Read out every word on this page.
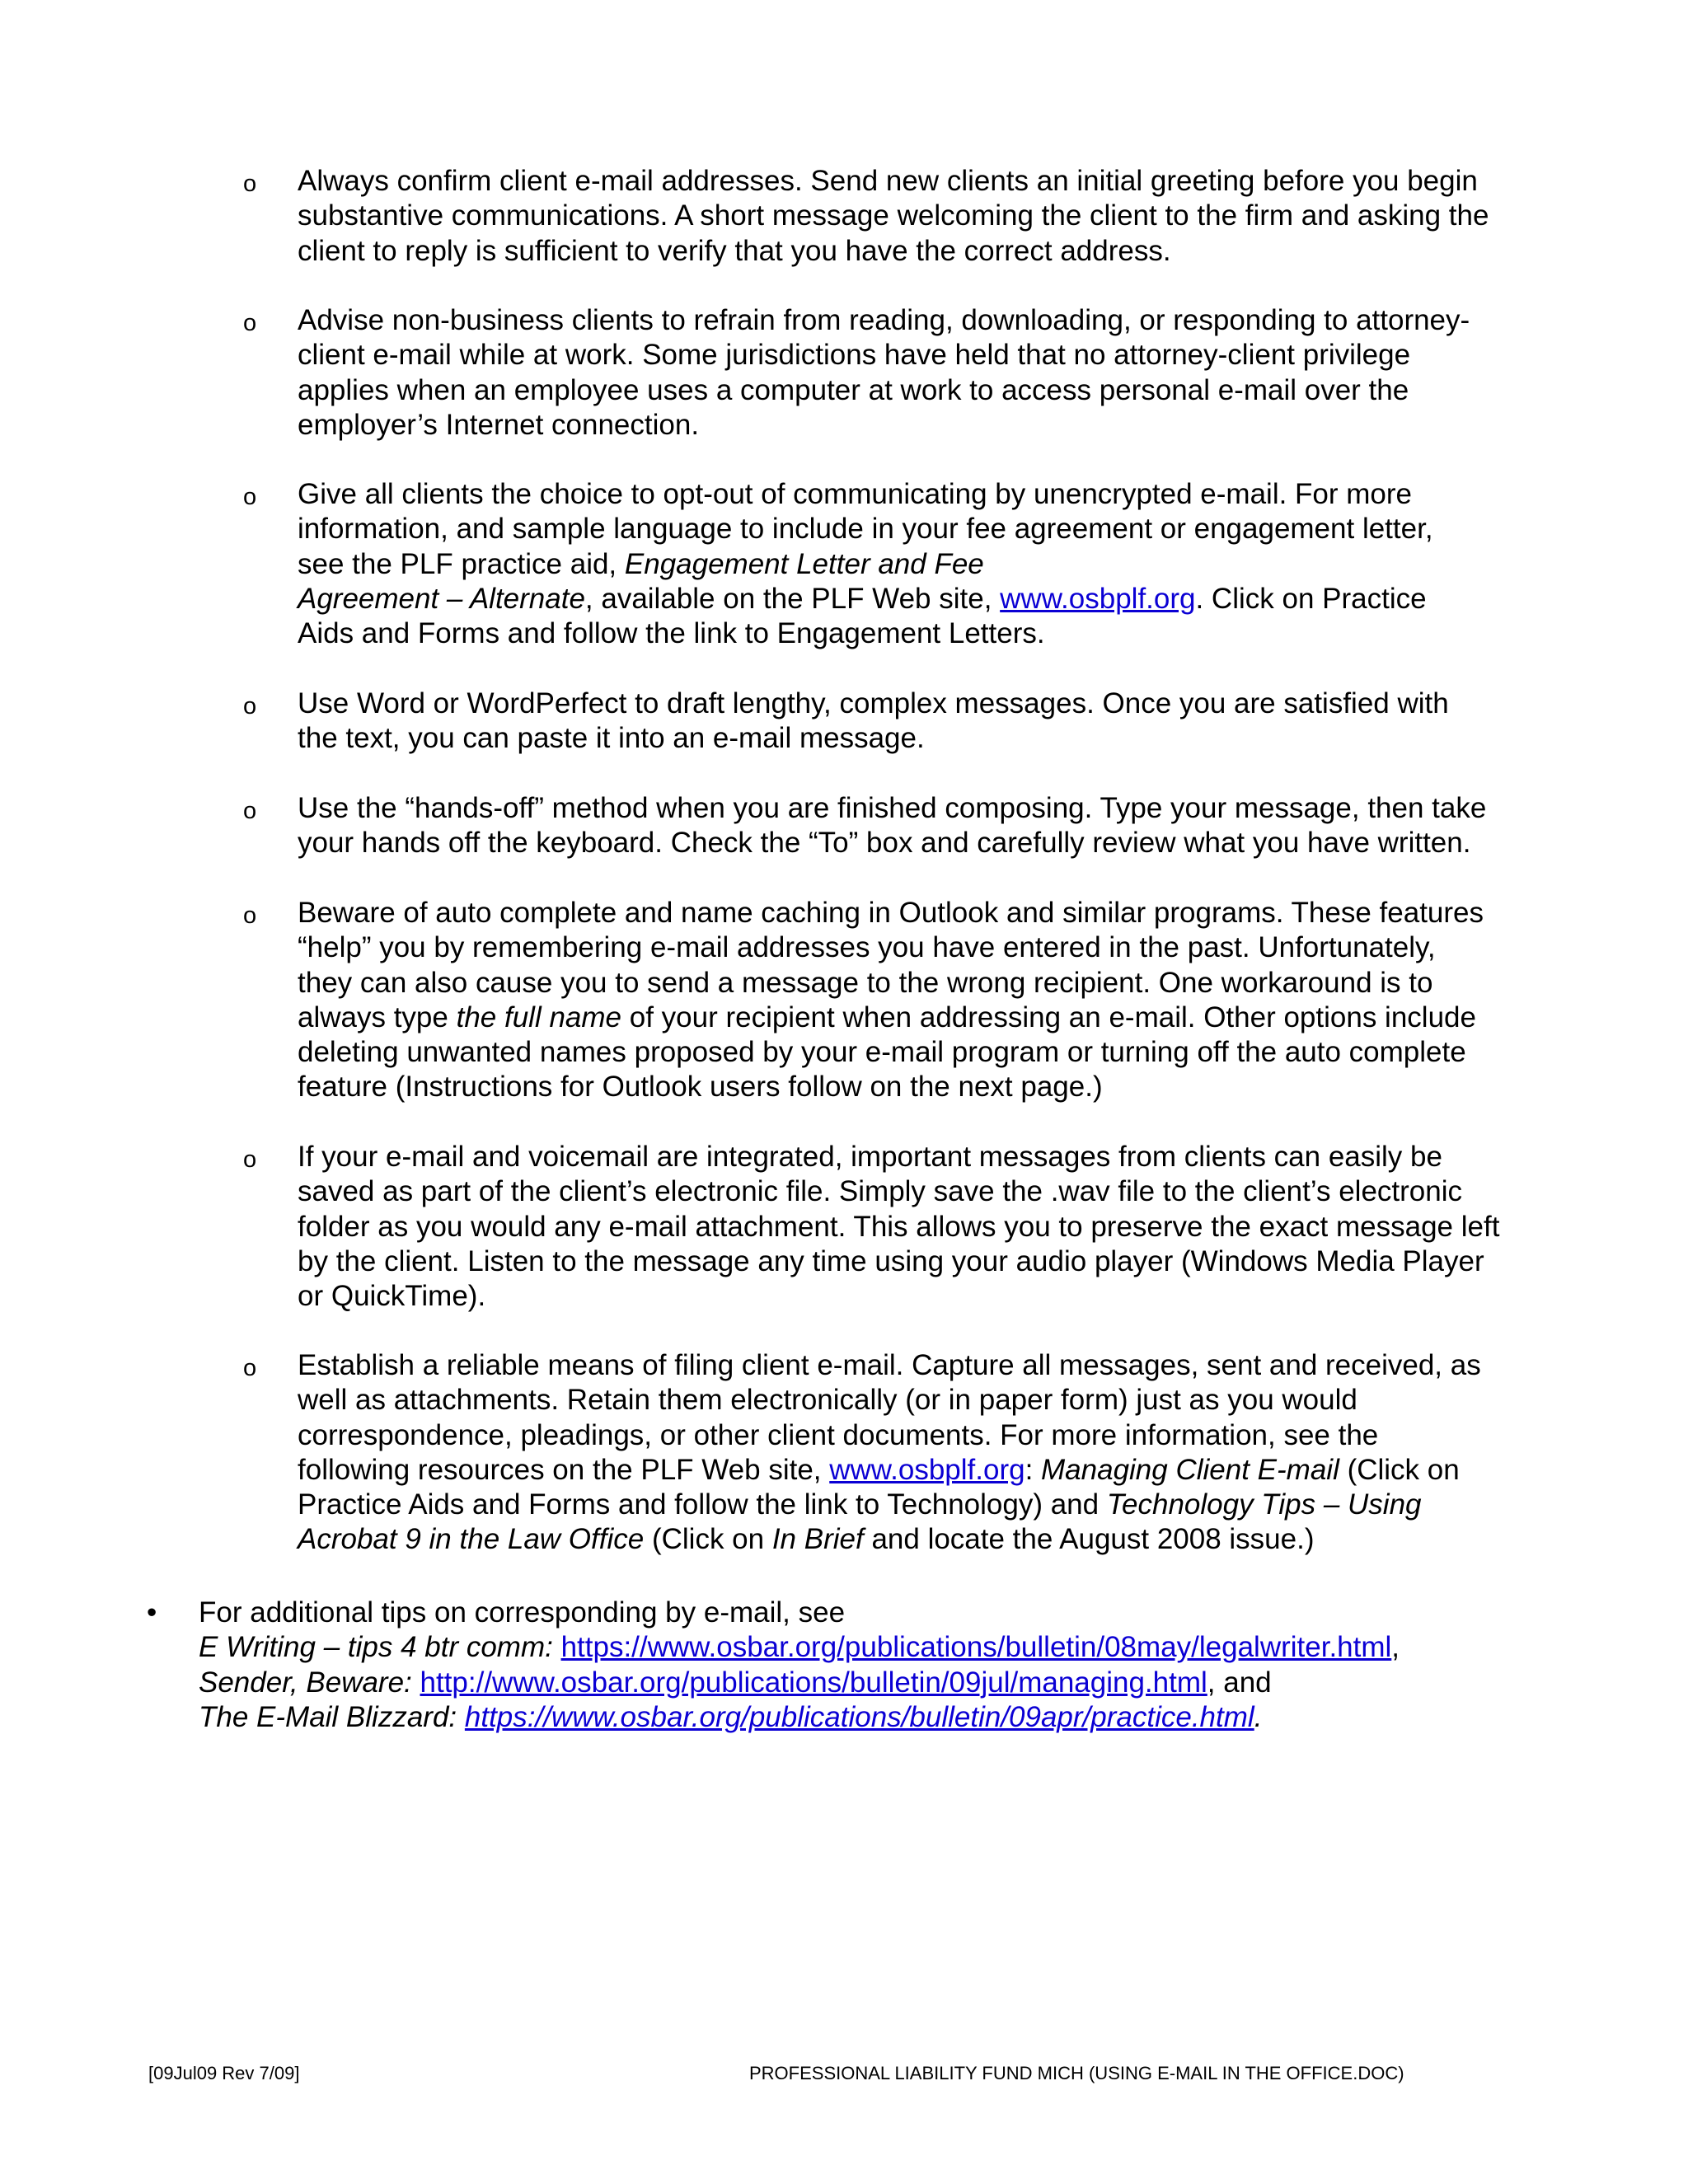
o Always confirm client e-mail addresses. Send new clients an initial greeting before you begin
substantive communications. A short message welcoming the client to the firm and asking the
client to reply is sufficient to verify that you have the correct address.
o Advise non-business clients to refrain from reading, downloading, or responding to attorney-
client e-mail while at work. Some jurisdictions have held that no attorney-client privilege
applies when an employee uses a computer at work to access personal e-mail over the
employer’s Internet connection.
o Give all clients the choice to opt-out of communicating by unencrypted e-mail. For more
information, and sample language to include in your fee agreement or engagement letter,
see the PLF practice aid, Engagement Letter and Fee
Agreement – Alternate, available on the PLF Web site, www.osbplf.org. Click on Practice
Aids and Forms and follow the link to Engagement Letters.
o Use Word or WordPerfect to draft lengthy, complex messages. Once you are satisfied with
the text, you can paste it into an e-mail message.
o Use the “hands-off” method when you are finished composing. Type your message, then take
your hands off the keyboard. Check the “To” box and carefully review what you have written.
o Beware of auto complete and name caching in Outlook and similar programs. These features
“help” you by remembering e-mail addresses you have entered in the past. Unfortunately,
they can also cause you to send a message to the wrong recipient. One workaround is to
always type the full name of your recipient when addressing an e-mail. Other options include
deleting unwanted names proposed by your e-mail program or turning off the auto complete
feature (Instructions for Outlook users follow on the next page.)
o If your e-mail and voicemail are integrated, important messages from clients can easily be
saved as part of the client’s electronic file. Simply save the .wav file to the client’s electronic
folder as you would any e-mail attachment. This allows you to preserve the exact message left
by the client. Listen to the message any time using your audio player (Windows Media Player
or QuickTime).
o Establish a reliable means of filing client e-mail. Capture all messages, sent and received, as
well as attachments. Retain them electronically (or in paper form) just as you would
correspondence, pleadings, or other client documents. For more information, see the
following resources on the PLF Web site, www.osbplf.org: Managing Client E-mail (Click on
Practice Aids and Forms and follow the link to Technology) and Technology Tips – Using
Acrobat 9 in the Law Office (Click on In Brief and locate the August 2008 issue.)
• For additional tips on corresponding by e-mail, see
E Writing – tips 4 btr comm: https://www.osbar.org/publications/bulletin/08may/legalwriter.html,
Sender, Beware: http://www.osbar.org/publications/bulletin/09jul/managing.html, and
The E-Mail Blizzard: https://www.osbar.org/publications/bulletin/09apr/practice.html.
[09Jul09 Rev 7/09]	PROFESSIONAL LIABILITY FUND MICH (USING E-MAIL IN THE OFFICE.DOC)
